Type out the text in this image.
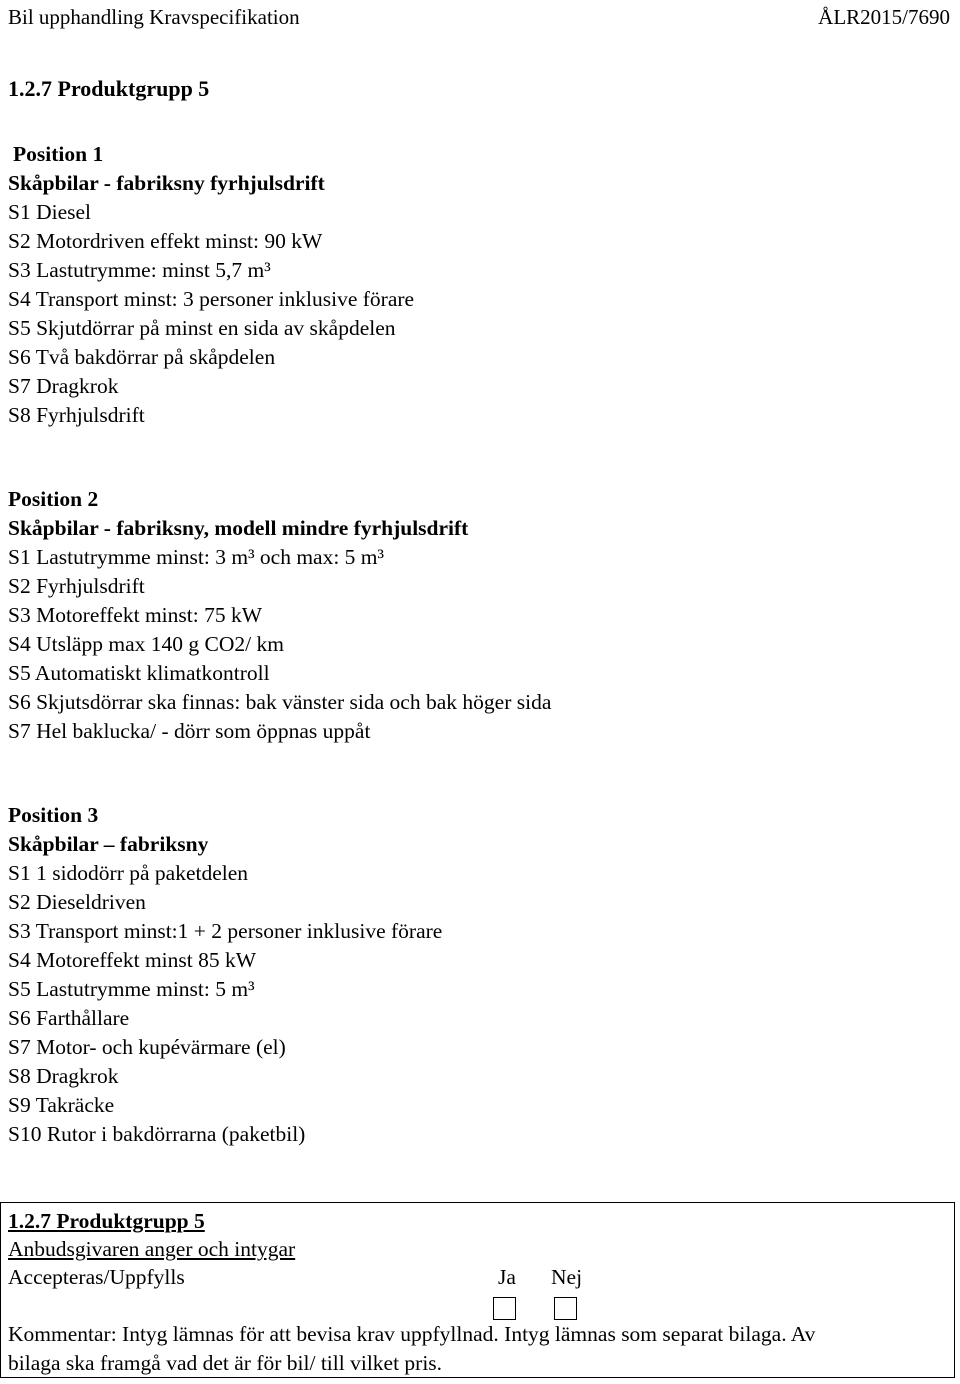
Bil upphandling Kravspecifikation	ÅLR2015/7690
1.2.7 Produktgrupp 5
Position 1
Skåpbilar - fabriksny fyrhjulsdrift
S1 Diesel
S2 Motordriven effekt minst: 90 kW
S3 Lastutrymme: minst 5,7 m³
S4 Transport minst: 3 personer inklusive förare
S5 Skjutdörrar på minst en sida av skåpdelen
S6 Två bakdörrar på skåpdelen
S7 Dragkrok
S8 Fyrhjulsdrift
Position 2
Skåpbilar - fabriksny, modell mindre fyrhjulsdrift
S1 Lastutrymme minst: 3 m³ och max: 5 m³
S2 Fyrhjulsdrift
S3 Motoreffekt minst: 75 kW
S4 Utsläpp max 140 g CO2/ km
S5 Automatiskt klimatkontroll
S6 Skjutsdörrar ska finnas: bak vänster sida och bak höger sida
S7 Hel baklucka/ - dörr som öppnas uppåt
Position 3
Skåpbilar – fabriksny
S1 1 sidodörr på paketdelen
S2 Dieseldriven
S3 Transport minst:1 + 2 personer inklusive förare
S4 Motoreffekt minst 85 kW
S5 Lastutrymme minst: 5 m³
S6 Farthållare
S7 Motor- och kupévärmare (el)
S8 Dragkrok
S9 Takräcke
S10 Rutor i bakdörrarna (paketbil)
1.2.7 Produktgrupp 5
Anbudsgivaren anger och intygar
Accepteras/Uppfylls	Ja Nej
Kommentar: Intyg lämnas för att bevisa krav uppfyllnad. Intyg lämnas som separat bilaga. Av
bilaga ska framgå vad det är för bil/ till vilket pris.
